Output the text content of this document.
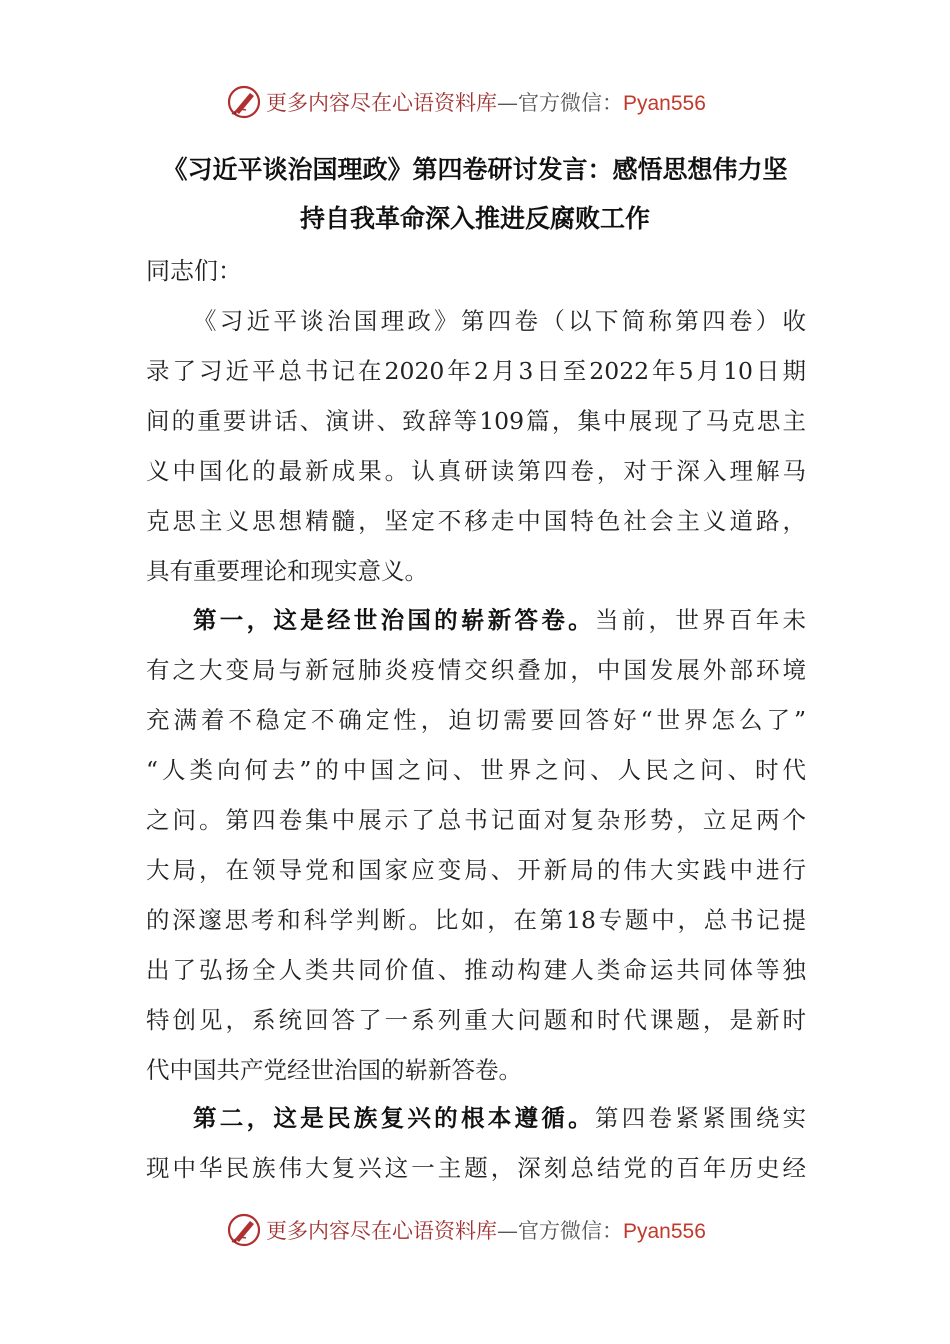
更多内容尽在心语资料库—官方微信：Pyan556
《习近平谈治国理政》第四卷研讨发言：感悟思想伟力坚
持自我革命深入推进反腐败工作
同志们：
《习近平谈治国理政》第四卷（以下简称第四卷）收
录了习近平总书记在2020年2月3日至2022年5月10日期
间的重要讲话、演讲、致辞等109篇，集中展现了马克思主
义中国化的最新成果。认真研读第四卷，对于深入理解马
克思主义思想精髓，坚定不移走中国特色社会主义道路，
具有重要理论和现实意义。
第一，这是经世治国的崭新答卷。当前，世界百年未
有之大变局与新冠肺炎疫情交织叠加，中国发展外部环境
充满着不稳定不确定性，迫切需要回答好“世界怎么了”
“人类向何去”的中国之问、世界之问、人民之问、时代
之问。第四卷集中展示了总书记面对复杂形势，立足两个
大局，在领导党和国家应变局、开新局的伟大实践中进行
的深邃思考和科学判断。比如，在第18专题中，总书记提
出了弘扬全人类共同价值、推动构建人类命运共同体等独
特创见，系统回答了一系列重大问题和时代课题，是新时
代中国共产党经世治国的崭新答卷。
第二，这是民族复兴的根本遵循。第四卷紧紧围绕实
现中华民族伟大复兴这一主题，深刻总结党的百年历史经
更多内容尽在心语资料库—官方微信：Pyan556
